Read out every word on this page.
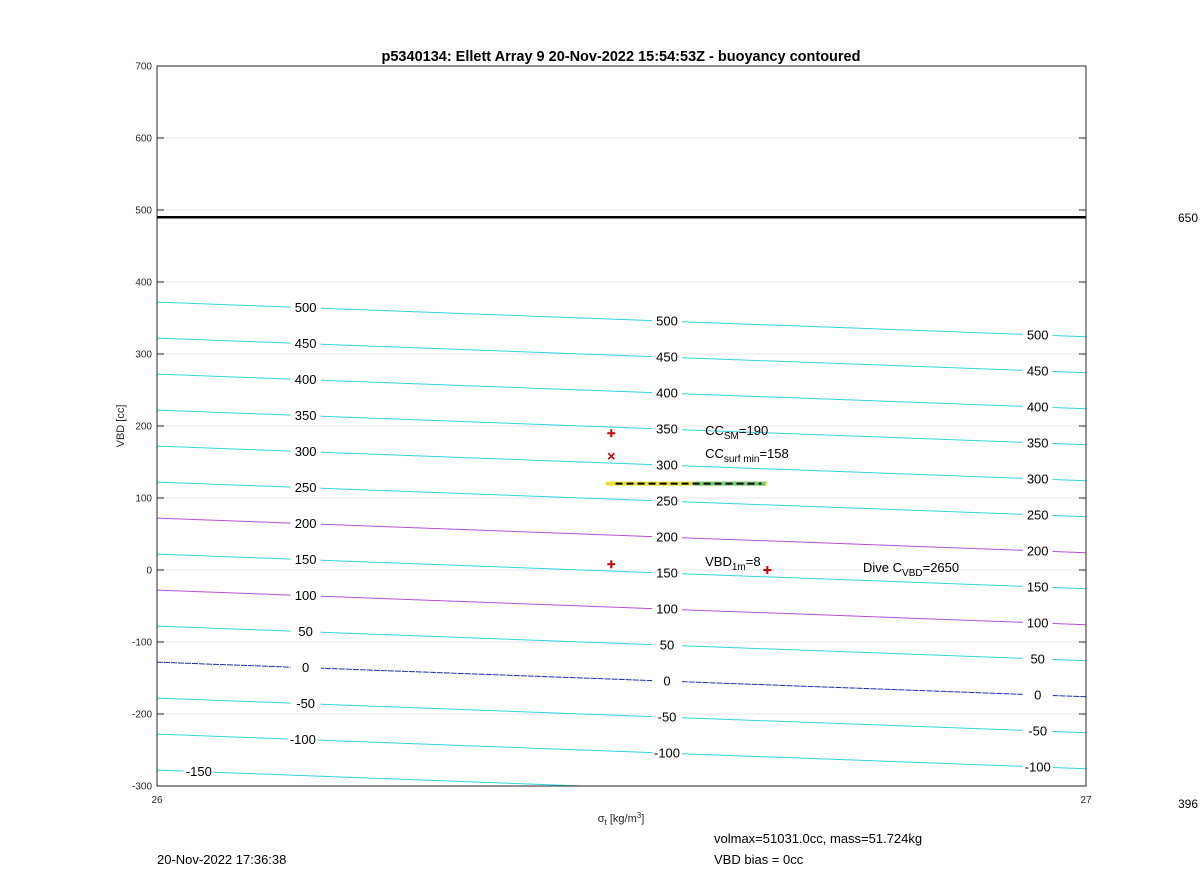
-150
-100
-100
-100
-50
-50
-50
0
0
0
50
50
50
100
100
100
150
150
150
200
200
200
250
250
250
300
300
300
350
350
350
400
400
400
450
450
450
500
500
500
$CC_{SM}=190$
$CC_{surf min}=158$
$VBD_{1m}=8$	Dive $C_{VBD}=2650$
-300
-200
-100
0
100
200
300
400
500
600
700
26	27
p5340134: Ellett Array 9 20-Nov-2022 15:54:53Z - buoyancy contoured
VBD [cc]
$\sigma_t$ $[kg/m^3]$
650
396
20-Nov-2022 17:36:38
volmax=51031.0cc, mass=51.724kg
VBD bias = 0cc
